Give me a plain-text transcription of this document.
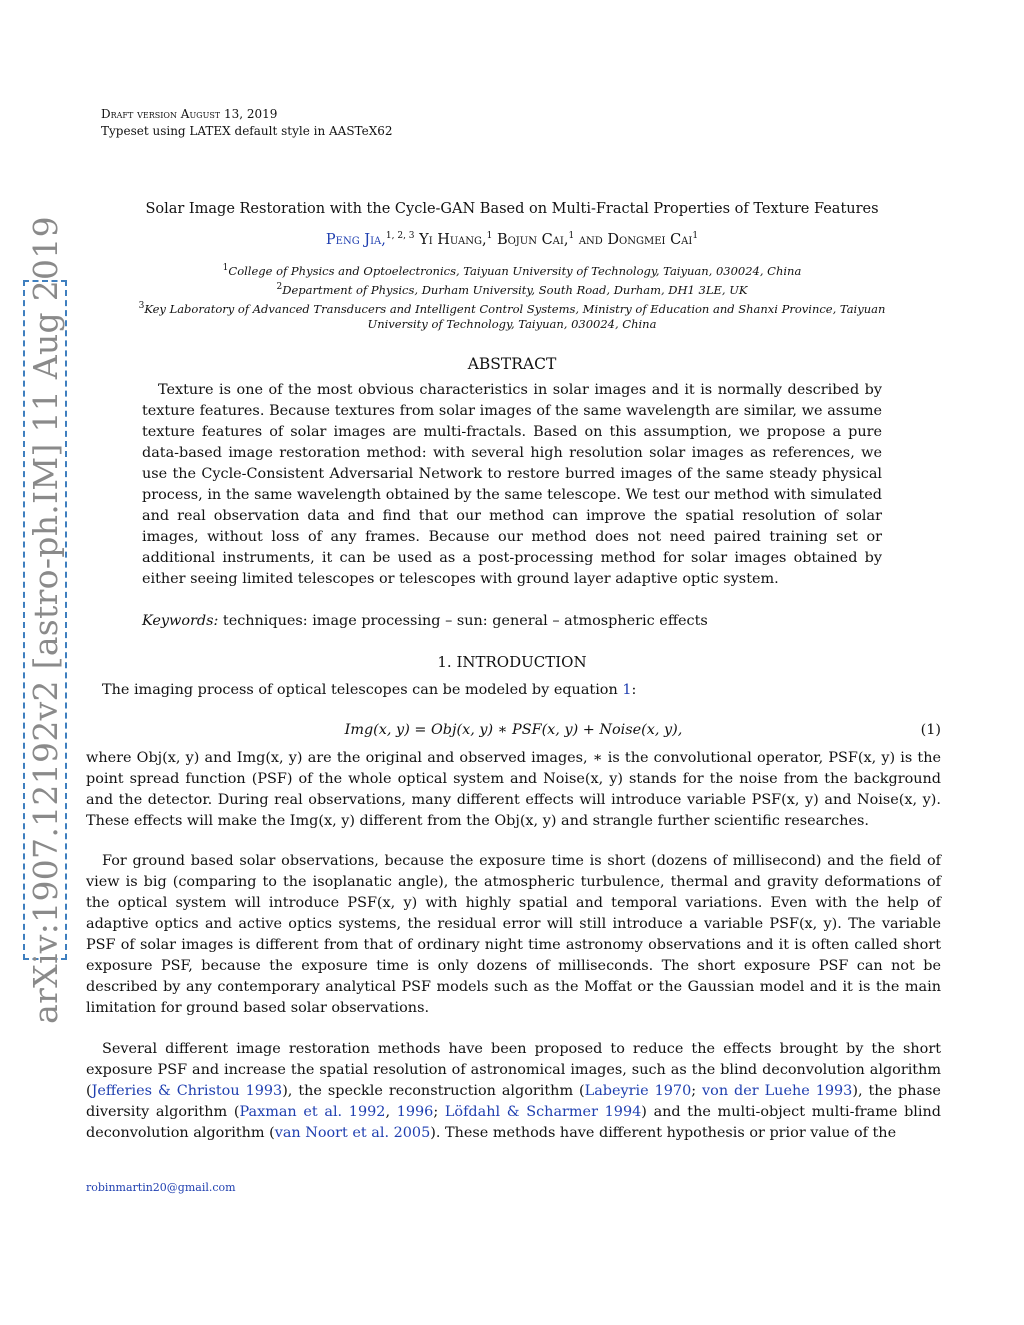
arXiv:1907.12192v2 [astro-ph.IM] 11 Aug 2019
Draft version August 13, 2019
Typeset using LATEX default style in AASTeX62
Solar Image Restoration with the Cycle-GAN Based on Multi-Fractal Properties of Texture Features
Peng Jia,$^{1, 2, 3}$ Yi Huang,$^1$ Bojun Cai,$^1$ and Dongmei Cai$^1$
$^1$College of Physics and Optoelectronics, Taiyuan University of Technology, Taiyuan, 030024, China
$^2$Department of Physics, Durham University, South Road, Durham, DH1 3LE, UK
$^3$Key Laboratory of Advanced Transducers and Intelligent Control Systems, Ministry of Education and Shanxi Province, Taiyuan
University of Technology, Taiyuan, 030024, China
ABSTRACT

Texture is one of the most obvious characteristics in solar images and it is normally described by texture features. Because textures from solar images of the same wavelength are similar, we assume texture features of solar images are multi-fractals. Based on this assumption, we propose a pure data-based image restoration method: with several high resolution solar images as references, we use the Cycle-Consistent Adversarial Network to restore burred images of the same steady physical process, in the same wavelength obtained by the same telescope. We test our method with simulated and real observation data and find that our method can improve the spatial resolution of solar images, without loss of any frames. Because our method does not need paired training set or additional instruments, it can be used as a post-processing method for solar images obtained by either seeing limited telescopes or telescopes with ground layer adaptive optic system.

Keywords: techniques: image processing – sun: general – atmospheric effects
1. INTRODUCTION

The imaging process of optical telescopes can be modeled by equation 1:

Img(x, y) = Obj(x, y) ∗ PSF(x, y) + Noise(x, y),	(1)

where Obj(x, y) and Img(x, y) are the original and observed images, ∗ is the convolutional operator, PSF(x, y) is the point spread function (PSF) of the whole optical system and Noise(x, y) stands for the noise from the background and the detector. During real observations, many different effects will introduce variable PSF(x, y) and Noise(x, y). These effects will make the Img(x, y) different from the Obj(x, y) and strangle further scientific researches.

For ground based solar observations, because the exposure time is short (dozens of millisecond) and the field of view is big (comparing to the isoplanatic angle), the atmospheric turbulence, thermal and gravity deformations of the optical system will introduce PSF(x, y) with highly spatial and temporal variations. Even with the help of adaptive optics and active optics systems, the residual error will still introduce a variable PSF(x, y). The variable PSF of solar images is different from that of ordinary night time astronomy observations and it is often called short exposure PSF, because the exposure time is only dozens of milliseconds. The short exposure PSF can not be described by any contemporary analytical PSF models such as the Moffat or the Gaussian model and it is the main limitation for ground based solar observations.

Several different image restoration methods have been proposed to reduce the effects brought by the short exposure PSF and increase the spatial resolution of astronomical images, such as the blind deconvolution algorithm (Jefferies & Christou 1993), the speckle reconstruction algorithm (Labeyrie 1970; von der Luehe 1993), the phase diversity algorithm (Paxman et al. 1992, 1996; Löfdahl & Scharmer 1994) and the multi-object multi-frame blind deconvolution algorithm (van Noort et al. 2005). These methods have different hypothesis or prior value of the

robinmartin20@gmail.com
